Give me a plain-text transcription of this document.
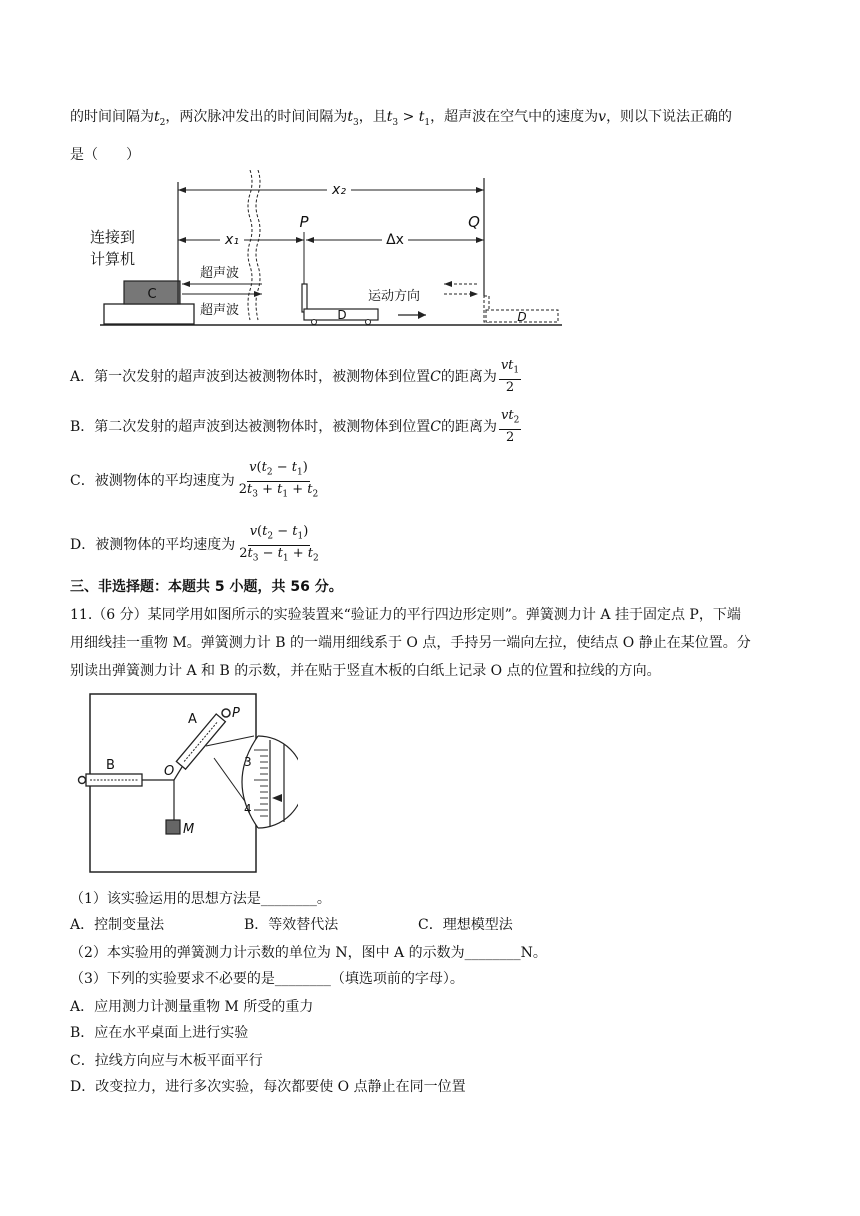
的时间间隔为$t_2$，两次脉冲发出的时间间隔为$t_3$，且$t_3 > t_1$，超声波在空气中的速度为v，则以下说法正确的
是（　　）
C
连接到
计算机
x₂
x₁	Δx
P	Q
超声波
超声波	D
运动方向
D
A．第一次发射的超声波到达被测物体时，被测物体到位置C的距离为 $\frac{vt_1}{2}$
B．第二次发射的超声波到达被测物体时，被测物体到位置C的距离为 $\frac{vt_2}{2}$
C．被测物体的平均速度为 $\frac{v(t_2 - t_1)}{2t_3 + t_1 + t_2}$
D．被测物体的平均速度为 $\frac{v(t_2 - t_1)}{2t_3 - t_1 + t_2}$
三、非选择题：本题共 5 小题，共 56 分。
11.（6 分）某同学用如图所示的实验装置来“验证力的平行四边形定则”。弹簧测力计 A 挂于固定点 P，下端
用细线挂一重物 M。弹簧测力计 B 的一端用细线系于 O 点，手持另一端向左拉，使结点 O 静止在某位置。分
别读出弹簧测力计 A 和 B 的示数，并在贴于竖直木板的白纸上记录 O 点的位置和拉线的方向。
P
A
O
B
M
3
4
（1）该实验运用的思想方法是________。
A．控制变量法	B．等效替代法	C．理想模型法
（2）本实验用的弹簧测力计示数的单位为 N，图中 A 的示数为________N。
（3）下列的实验要求不必要的是________（填选项前的字母）。
A．应用测力计测量重物 M 所受的重力
B．应在水平桌面上进行实验
C．拉线方向应与木板平面平行
D．改变拉力，进行多次实验，每次都要使 O 点静止在同一位置
